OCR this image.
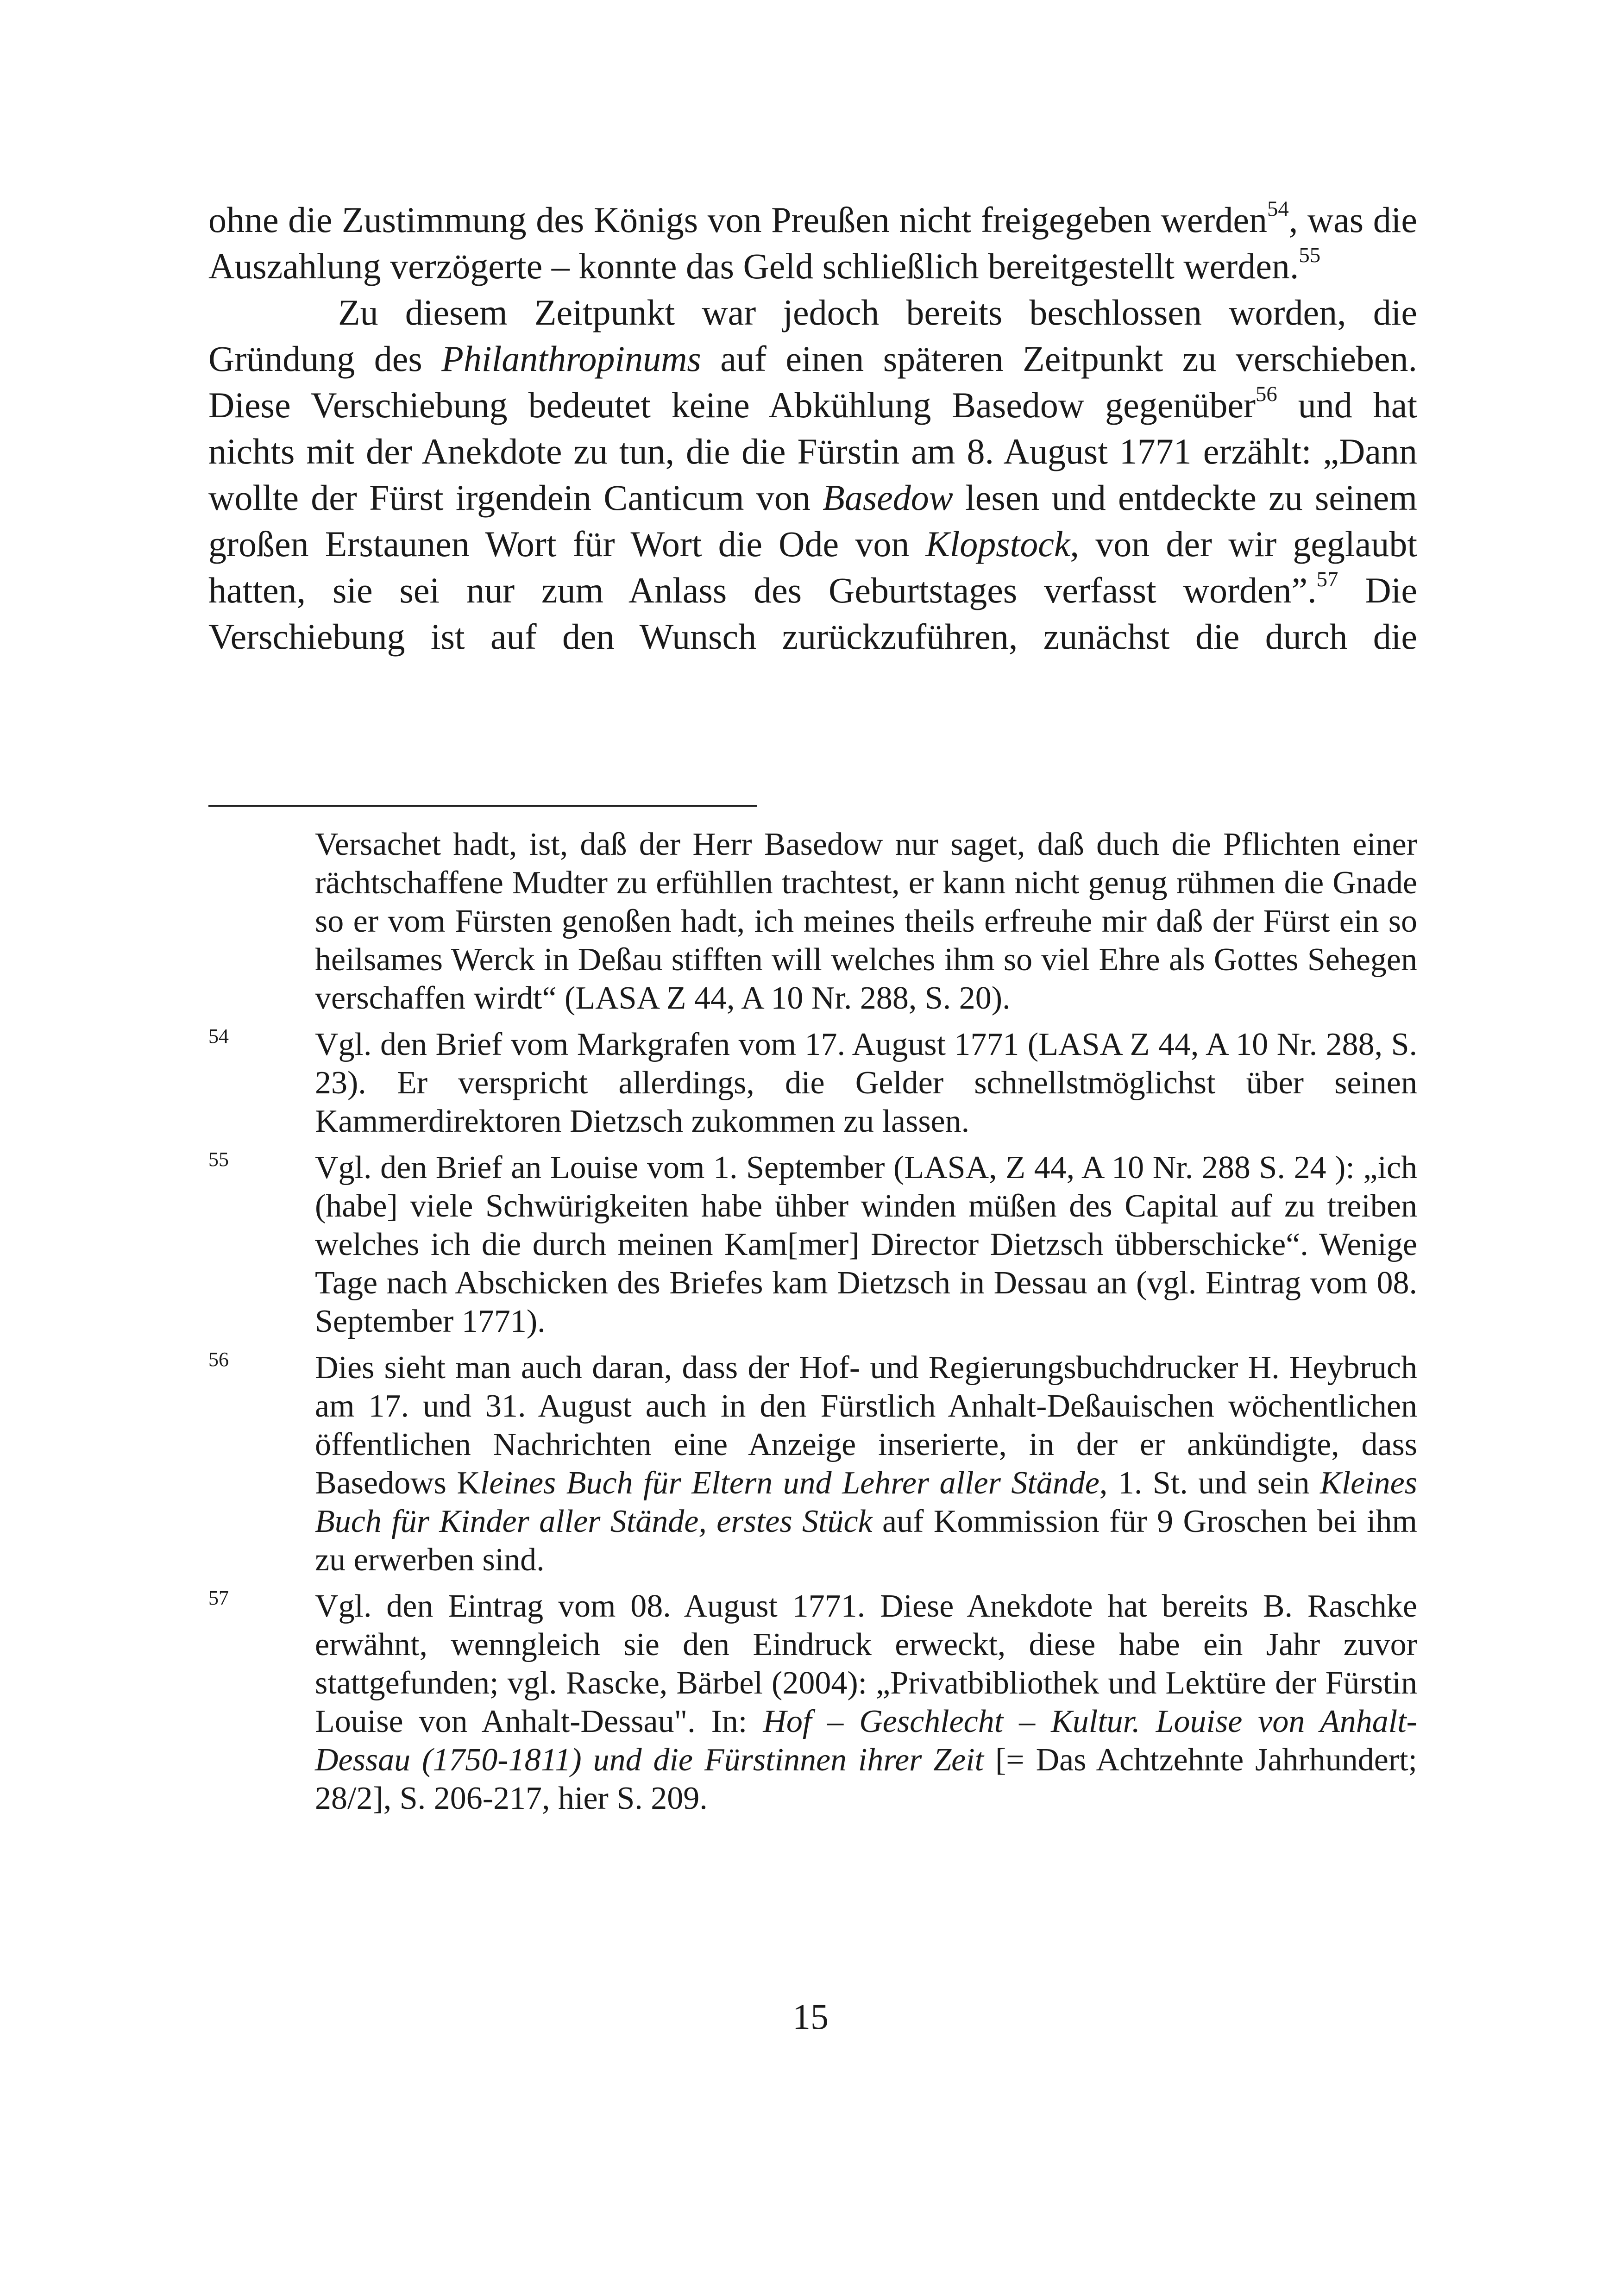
ohne die Zustimmung des Königs von Preußen nicht freigegeben werden$^{54}$, was die Auszahlung verzögerte – konnte das Geld schließlich bereitgestellt werden.$^{55}$

Zu diesem Zeitpunkt war jedoch bereits beschlossen worden, die Gründung des Philanthropinums auf einen späteren Zeitpunkt zu verschieben. Diese Verschiebung bedeutet keine Abkühlung Basedow gegenüber$^{56}$ und hat nichts mit der Anekdote zu tun, die die Fürstin am 8. August 1771 erzählt: „Dann wollte der Fürst irgendein Canticum von Basedow lesen und entdeckte zu seinem großen Erstaunen Wort für Wort die Ode von Klopstock, von der wir geglaubt hatten, sie sei nur zum Anlass des Geburtstages verfasst worden”.$^{57}$ Die Verschiebung ist auf den Wunsch zurückzuführen, zunächst die durch die

Versachet hadt, ist, daß der Herr Basedow nur saget, daß duch die Pflichten einer rächtschaffene Mudter zu erfühllen trachtest, er kann nicht genug rühmen die Gnade so er vom Fürsten genoßen hadt, ich meines theils erfreuhe mir daß der Fürst ein so heilsames Werck in Deßau stifften will welches ihm so viel Ehre als Gottes Sehegen verschaffen wirdt“ (LASA Z 44, A 10 Nr. 288, S. 20).
54	Vgl. den Brief vom Markgrafen vom 17. August 1771 (LASA Z 44, A 10 Nr. 288, S. 23). Er verspricht allerdings, die Gelder schnellstmöglichst über seinen Kammerdirektoren Dietzsch zukommen zu lassen.
55	Vgl. den Brief an Louise vom 1. September (LASA, Z 44, A 10 Nr. 288 S. 24 ): „ich (habe] viele Schwürigkeiten habe ühber winden müßen des Capital auf zu treiben welches ich die durch meinen Kam[mer] Director Dietzsch übberschicke“. Wenige Tage nach Abschicken des Briefes kam Dietzsch in Dessau an (vgl. Eintrag vom 08. September 1771).
56	Dies sieht man auch daran, dass der Hof- und Regierungsbuchdrucker H. Heybruch am 17. und 31. August auch in den Fürstlich Anhalt-Deßauischen wöchentlichen öffentlichen Nachrichten eine Anzeige inserierte, in der er ankündigte, dass Basedows Kleines Buch für Eltern und Lehrer aller Stände, 1. St. und sein Kleines Buch für Kinder aller Stände, erstes Stück auf Kommission für 9 Groschen bei ihm zu erwerben sind.
57	Vgl. den Eintrag vom 08. August 1771. Diese Anekdote hat bereits B. Raschke erwähnt, wenngleich sie den Eindruck erweckt, diese habe ein Jahr zuvor stattgefunden; vgl. Rascke, Bärbel (2004): „Privatbibliothek und Lektüre der Fürstin Louise von Anhalt-Dessau". In: Hof – Geschlecht – Kultur. Louise von Anhalt-Dessau (1750-1811) und die Fürstinnen ihrer Zeit [= Das Achtzehnte Jahrhundert; 28/2], S. 206-217, hier S. 209.
15
